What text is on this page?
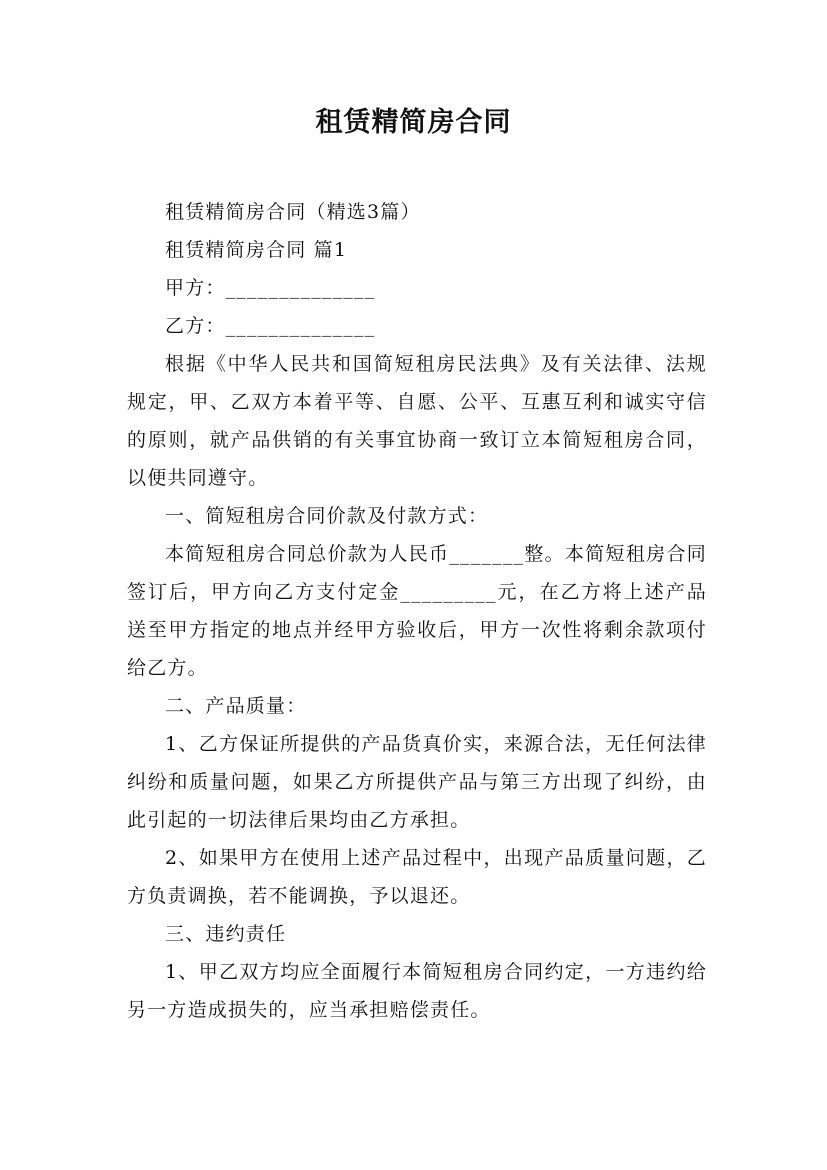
租赁精简房合同

租赁精简房合同（精选3篇）

租赁精简房合同 篇1

甲方：______________

乙方：______________

根据《中华人民共和国简短租房民法典》及有关法律、法规规定，甲、乙双方本着平等、自愿、公平、互惠互利和诚实守信的原则，就产品供销的有关事宜协商一致订立本简短租房合同，以便共同遵守。

一、简短租房合同价款及付款方式：

本简短租房合同总价款为人民币_______整。本简短租房合同签订后，甲方向乙方支付定金_________元，在乙方将上述产品送至甲方指定的地点并经甲方验收后，甲方一次性将剩余款项付给乙方。

二、产品质量：

1、乙方保证所提供的产品货真价实，来源合法，无任何法律纠纷和质量问题，如果乙方所提供产品与第三方出现了纠纷，由此引起的一切法律后果均由乙方承担。

2、如果甲方在使用上述产品过程中，出现产品质量问题，乙方负责调换，若不能调换，予以退还。

三、违约责任

1、甲乙双方均应全面履行本简短租房合同约定，一方违约给另一方造成损失的，应当承担赔偿责任。
